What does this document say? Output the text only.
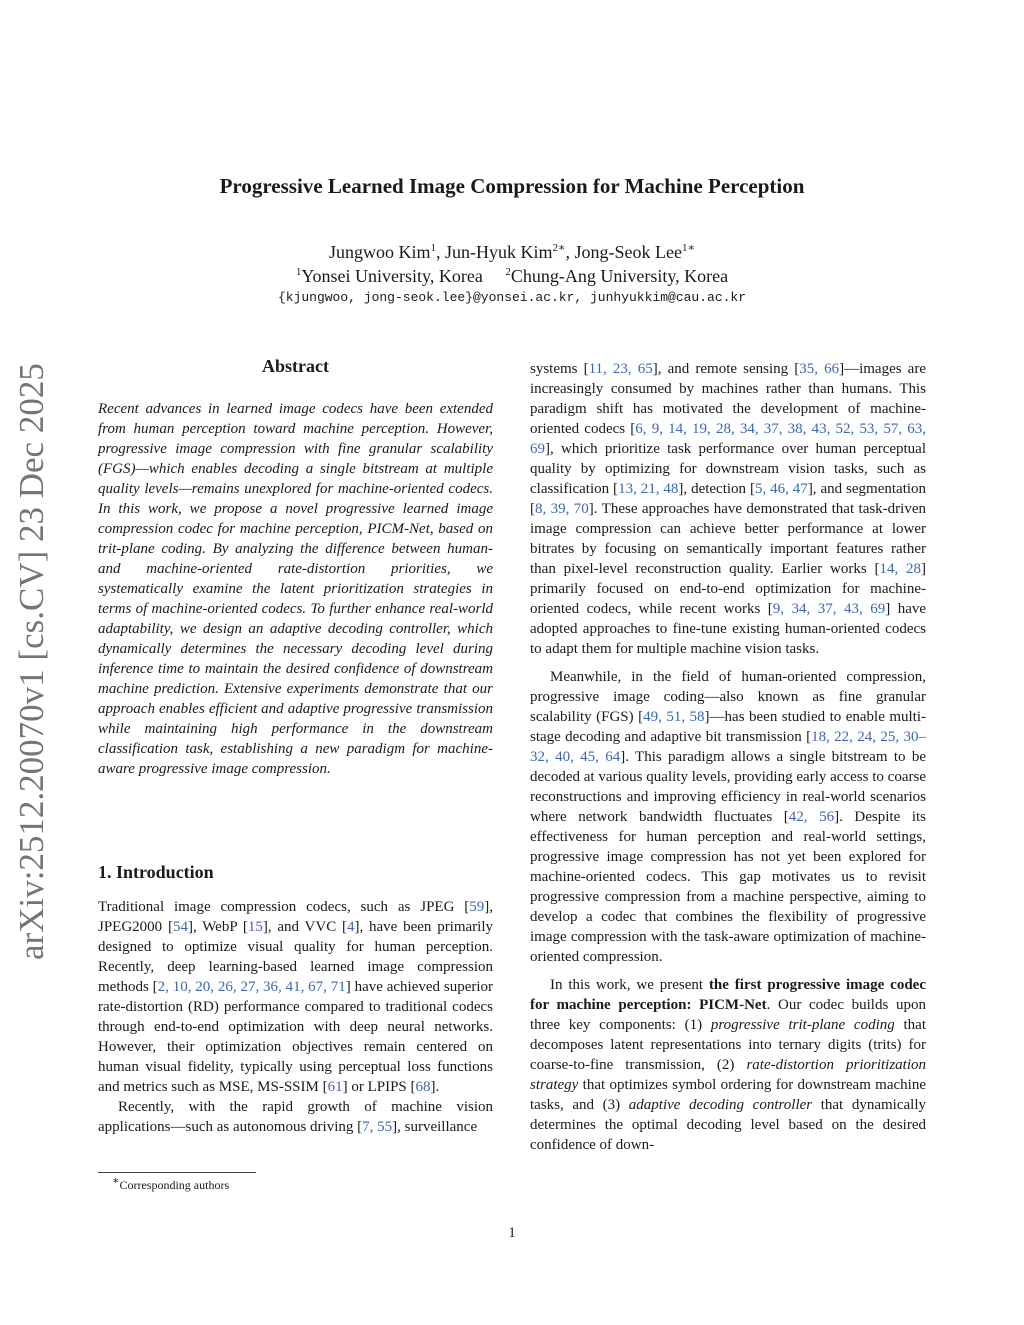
arXiv:2512.20070v1 [cs.CV] 23 Dec 2025
Progressive Learned Image Compression for Machine Perception
Jungwoo Kim$^1$, Jun-Hyuk Kim$^{2∗}$, Jong-Seok Lee$^{1∗}$
$^1$Yonsei University, Korea $^2$Chung-Ang University, Korea
{kjungwoo, jong-seok.lee}@yonsei.ac.kr, junhyukkim@cau.ac.kr
Abstract

Recent advances in learned image codecs have been extended from human perception toward machine perception. However, progressive image compression with fine granular scalability (FGS)—which enables decoding a single bitstream at multiple quality levels—remains unexplored for machine-oriented codecs. In this work, we propose a novel progressive learned image compression codec for machine perception, PICM-Net, based on trit-plane coding. By analyzing the difference between human- and machine-oriented rate-distortion priorities, we systematically examine the latent prioritization strategies in terms of machine-oriented codecs. To further enhance real-world adaptability, we design an adaptive decoding controller, which dynamically determines the necessary decoding level during inference time to maintain the desired confidence of downstream machine prediction. Extensive experiments demonstrate that our approach enables efficient and adaptive progressive transmission while maintaining high performance in the downstream classification task, establishing a new paradigm for machine-aware progressive image compression.

1. Introduction

Traditional image compression codecs, such as JPEG [59], JPEG2000 [54], WebP [15], and VVC [4], have been primarily designed to optimize visual quality for human perception. Recently, deep learning-based learned image compression methods [2, 10, 20, 26, 27, 36, 41, 67, 71] have achieved superior rate-distortion (RD) performance compared to traditional codecs through end-to-end optimization with deep neural networks. However, their optimization objectives remain centered on human visual fidelity, typically using perceptual loss functions and metrics such as MSE, MS-SSIM [61] or LPIPS [68].

Recently, with the rapid growth of machine vision applications—such as autonomous driving [7, 55], surveillance

systems [11, 23, 65], and remote sensing [35, 66]—images are increasingly consumed by machines rather than humans. This paradigm shift has motivated the development of machine-oriented codecs [6, 9, 14, 19, 28, 34, 37, 38, 43, 52, 53, 57, 63, 69], which prioritize task performance over human perceptual quality by optimizing for downstream vision tasks, such as classification [13, 21, 48], detection [5, 46, 47], and segmentation [8, 39, 70]. These approaches have demonstrated that task-driven image compression can achieve better performance at lower bitrates by focusing on semantically important features rather than pixel-level reconstruction quality. Earlier works [14, 28] primarily focused on end-to-end optimization for machine-oriented codecs, while recent works [9, 34, 37, 43, 69] have adopted approaches to fine-tune existing human-oriented codecs to adapt them for multiple machine vision tasks.

Meanwhile, in the field of human-oriented compression, progressive image coding—also known as fine granular scalability (FGS) [49, 51, 58]—has been studied to enable multi-stage decoding and adaptive bit transmission [18, 22, 24, 25, 30–32, 40, 45, 64]. This paradigm allows a single bitstream to be decoded at various quality levels, providing early access to coarse reconstructions and improving efficiency in real-world scenarios where network bandwidth fluctuates [42, 56]. Despite its effectiveness for human perception and real-world settings, progressive image compression has not yet been explored for machine-oriented codecs. This gap motivates us to revisit progressive compression from a machine perspective, aiming to develop a codec that combines the flexibility of progressive image compression with the task-aware optimization of machine-oriented compression.

In this work, we present the first progressive image codec for machine perception: PICM-Net. Our codec builds upon three key components: (1) progressive trit-plane coding that decomposes latent representations into ternary digits (trits) for coarse-to-fine transmission, (2) rate-distortion prioritization strategy that optimizes symbol ordering for downstream machine tasks, and (3) adaptive decoding controller that dynamically determines the optimal decoding level based on the desired confidence of down-

∗Corresponding authors
1
